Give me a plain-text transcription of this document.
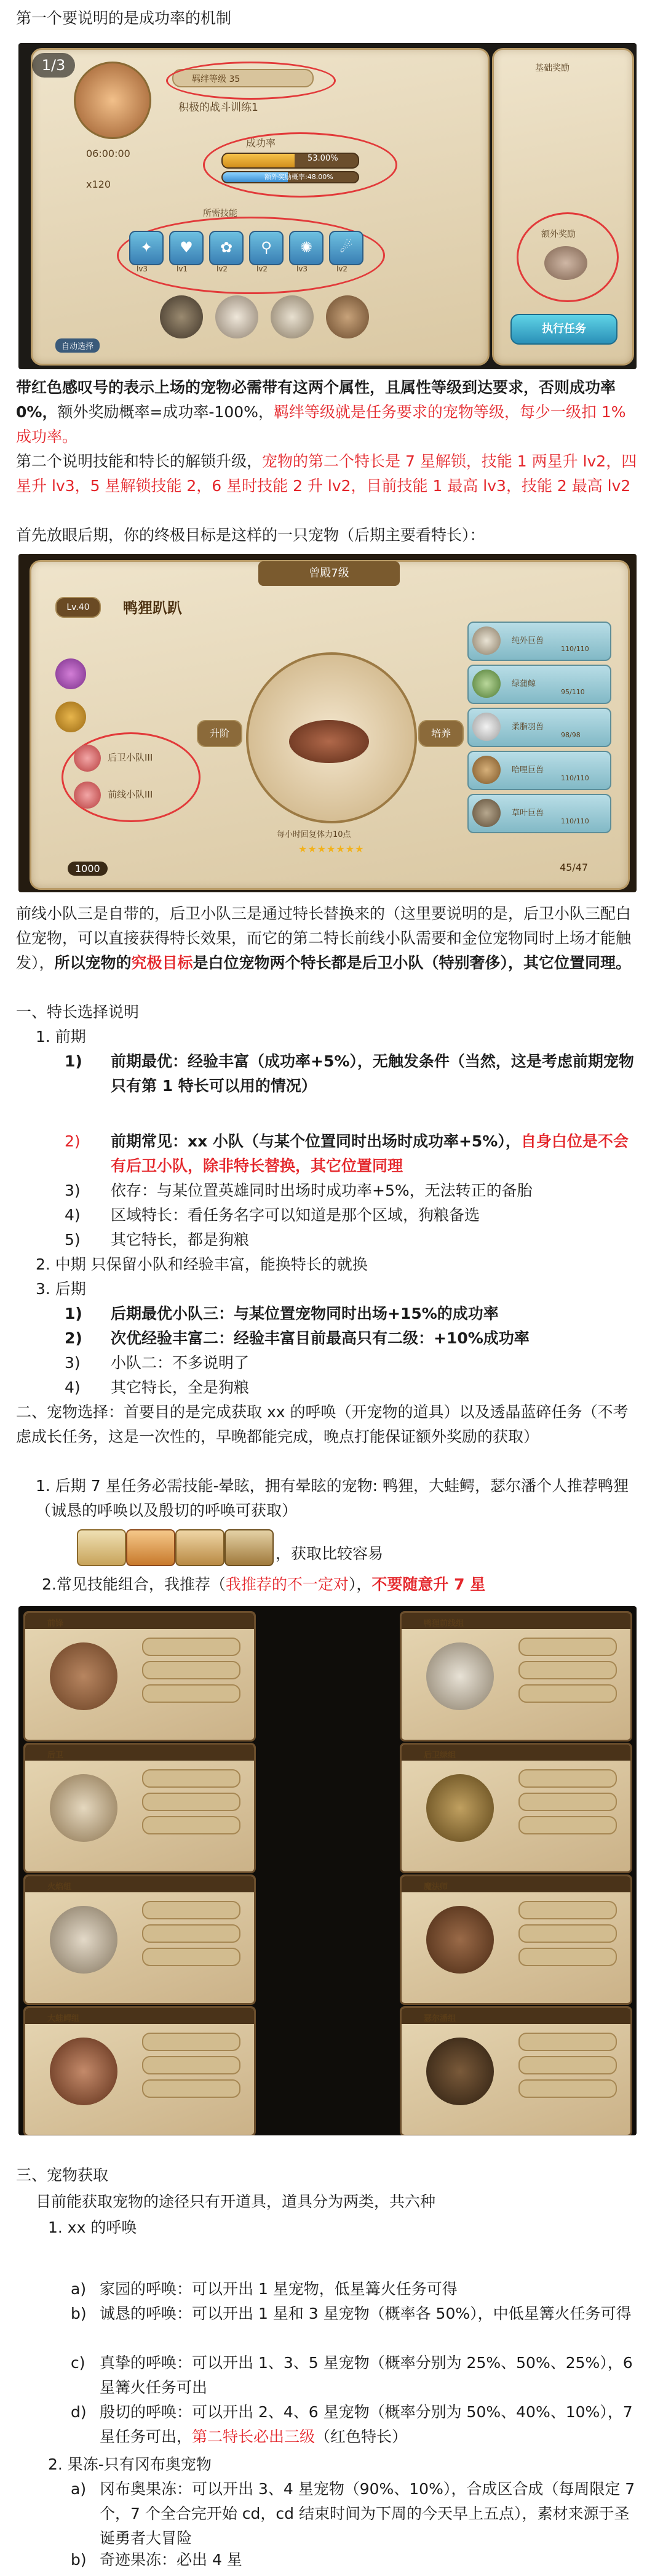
第一个要说明的是成功率的机制
1/3
羁绊等级 35
积极的战斗训练1
06:00:00
x120
成功率
53.00%
额外奖励概率:48.00%
所需技能
✦
lv3
♥
lv1
✿
lv2
⚲
lv2
✺
lv3
☄
lv2
自动选择
基础奖励
额外奖励
执行任务
带红色感叹号的表示上场的宠物必需带有这两个属性，且属性等级到达要求，否则成功率 0%，额外奖励概率=成功率-100%，羁绊等级就是任务要求的宠物等级，每少一级扣 1%成功率。
第二个说明技能和特长的解锁升级，宠物的第二个特长是 7 星解锁，技能 1 两星升 lv2，四星升 lv3，5 星解锁技能 2，6 星时技能 2 升 lv2，目前技能 1 最高 lv3，技能 2 最高 lv2
首先放眼后期，你的终极目标是这样的一只宠物（后期主要看特长）：
曾殿7级
Lv.40	鸭狸趴趴
后卫小队III
前线小队III
升阶	培养
每小时回复体力10点
★★★★★★★
纯外巨兽
110/110
绿蒲鲸
95/110
柔脂羽兽
98/98
哈哩巨兽
110/110
草叶巨兽
110/110
1000	45/47
前线小队三是自带的，后卫小队三是通过特长替换来的（这里要说明的是，后卫小队三配白位宠物，可以直接获得特长效果，而它的第二特长前线小队需要和金位宠物同时上场才能触发），所以宠物的究极目标是白位宠物两个特长都是后卫小队（特别奢侈），其它位置同理。
一、特长选择说明
1. 前期
1)	前期最优：经验丰富（成功率+5%），无触发条件（当然，这是考虑前期宠物只有第 1 特长可以用的情况）
2)	前期常见：xx 小队（与某个位置同时出场时成功率+5%），自身白位是不会有后卫小队，除非特长替换，其它位置同理
3)	依存：与某位置英雄同时出场时成功率+5%，无法转正的备胎
4)	区域特长：看任务名字可以知道是那个区域，狗粮备选
5)	其它特长，都是狗粮
2. 中期 只保留小队和经验丰富，能换特长的就换
3. 后期
1)	后期最优小队三：与某位置宠物同时出场+15%的成功率
2)	次优经验丰富二：经验丰富目前最高只有二级：+10%成功率
3)	小队二：不多说明了
4)	其它特长，全是狗粮
二、宠物选择：首要目的是完成获取 xx 的呼唤（开宠物的道具）以及透晶蓝碎任务（不考虑成长任务，这是一次性的，早晚都能完成，晚点打能保证额外奖励的获取）
1. 后期 7 星任务必需技能-晕眩，拥有晕眩的宠物: 鸭狸，大蛙鳄，瑟尔潘个人推荐鸭狸（诚恳的呼唤以及殷切的呼唤可获取）
，获取比较容易
2.常见技能组合，我推荐（我推荐的不一定对），不要随意升 7 星
前锋	鸭狸前线组
后卫	后卫绿组
火焰组	魔法师
大蛙鳄组	瑟尔潘组
三、宠物获取
目前能获取宠物的途径只有开道具，道具分为两类，共六种
1. xx 的呼唤
a) 家园的呼唤：可以开出 1 星宠物，低星篝火任务可得
b) 诚恳的呼唤：可以开出 1 星和 3 星宠物（概率各 50%），中低星篝火任务可得
c) 真挚的呼唤：可以开出 1、3、5 星宠物（概率分别为 25%、50%、25%），6 星篝火任务可出
d) 殷切的呼唤：可以开出 2、4、6 星宠物（概率分别为 50%、40%、10%），7 星任务可出，第二特长必出三级（红色特长）
2. 果冻-只有冈布奥宠物
a) 冈布奥果冻：可以开出 3、4 星宠物（90%、10%），合成区合成（每周限定 7 个，7 个全合完开始 cd，cd 结束时间为下周的今天早上五点），素材来源于圣诞勇者大冒险
b) 奇迹果冻：必出 4 星
